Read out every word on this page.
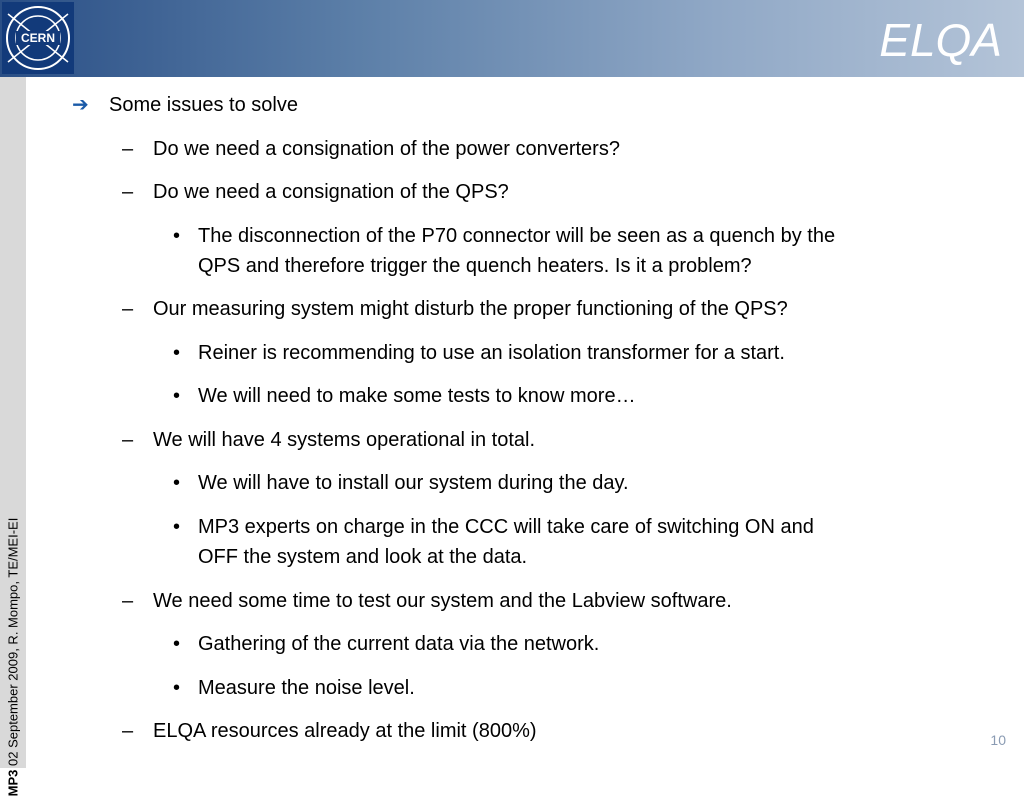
CERN	ELQA
MP3 02 September 2009, R. Mompo, TE/MEI-EI
➔ Some issues to solve
– Do we need a consignation of the power converters?
– Do we need a consignation of the QPS?
• The disconnection of the P70 connector will be seen as a quench by the
QPS and therefore trigger the quench heaters. Is it a problem?
– Our measuring system might disturb the proper functioning of the QPS?
• Reiner is recommending to use an isolation transformer for a start.
• We will need to make some tests to know more…
– We will have 4 systems operational in total.
• We will have to install our system during the day.
• MP3 experts on charge in the CCC will take care of switching ON and
OFF the system and look at the data.
– We need some time to test our system and the Labview software.
• Gathering of the current data via the network.
• Measure the noise level.
– ELQA resources already at the limit (800%)	10
